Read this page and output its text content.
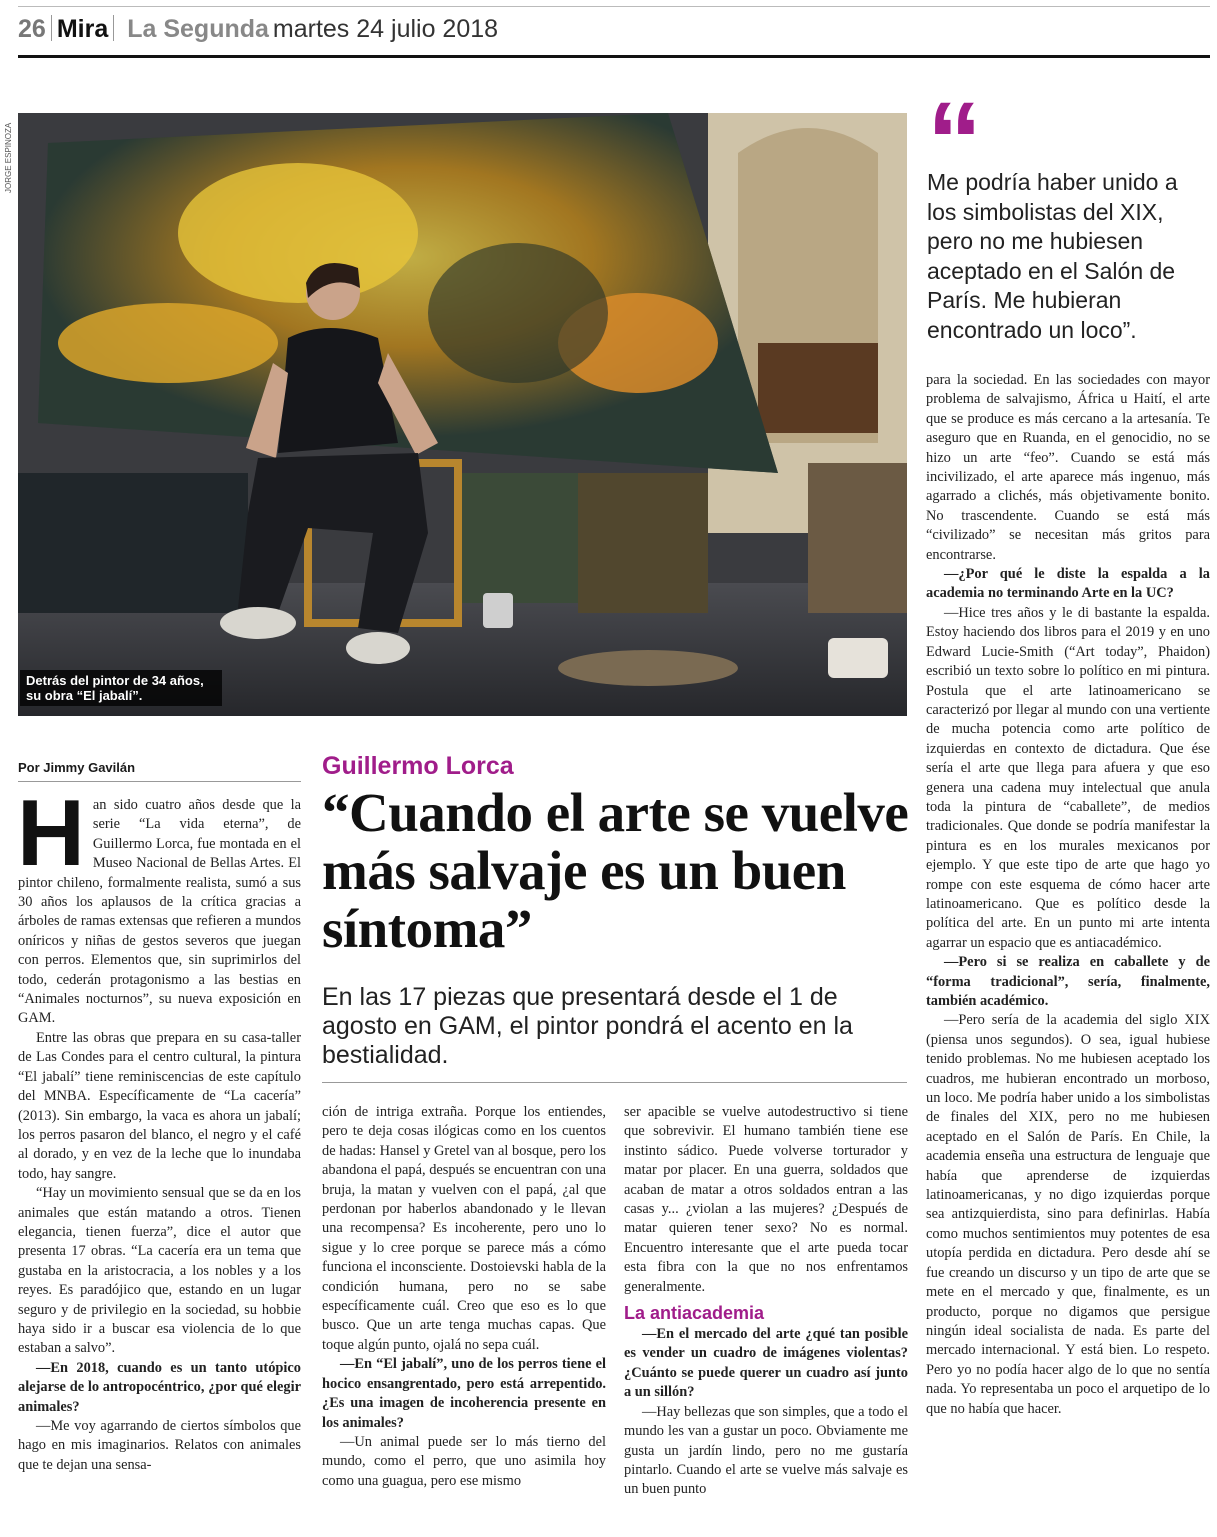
26 Mira La Segunda martes 24 julio 2018
JORGE ESPINOZA
Detrás del pintor de 34 años, su obra “El jabalí”.
“
Me podría haber unido a los simbolistas del XIX, pero no me hubiesen aceptado en el Salón de París. Me hubieran encontrado un loco”.
Por Jimmy Gavilán	Guillermo Lorca
“Cuando el arte se vuelve más salvaje es un buen síntoma”
En las 17 piezas que presentará desde el 1 de agosto en GAM, el pintor pondrá el acento en la bestialidad.

Han sido cuatro años desde que la serie “La vida eterna”, de Guillermo Lorca, fue montada en el Museo Nacional de Bellas Artes. El pintor chileno, formalmente realista, sumó a sus 30 años los aplausos de la crítica gracias a árboles de ramas extensas que refieren a mundos oníricos y niñas de gestos severos que juegan con perros. Elementos que, sin suprimirlos del todo, cederán protagonismo a las bestias en “Animales nocturnos”, su nueva exposición en GAM.

Entre las obras que prepara en su casa-taller de Las Condes para el centro cultural, la pintura “El jabalí” tiene reminiscencias de este capítulo del MNBA. Específicamente de “La cacería” (2013). Sin embargo, la vaca es ahora un jabalí; los perros pasaron del blanco, el negro y el café al dorado, y en vez de la leche que lo inundaba todo, hay sangre.

“Hay un movimiento sensual que se da en los animales que están matando a otros. Tienen elegancia, tienen fuerza”, dice el autor que presenta 17 obras. “La cacería era un tema que gustaba en la aristocracia, a los nobles y a los reyes. Es paradójico que, estando en un lugar seguro y de privilegio en la sociedad, su hobbie haya sido ir a buscar esa violencia de lo que estaban a salvo”.

—En 2018, cuando es un tanto utópico alejarse de lo antropocéntrico, ¿por qué elegir animales?

—Me voy agarrando de ciertos símbolos que hago en mis imaginarios. Relatos con animales que te dejan una sensa-

ción de intriga extraña. Porque los entiendes, pero te deja cosas ilógicas como en los cuentos de hadas: Hansel y Gretel van al bosque, pero los abandona el papá, después se encuentran con una bruja, la matan y vuelven con el papá, ¿al que perdonan por haberlos abandonado y le llevan una recompensa? Es incoherente, pero uno lo sigue y lo cree porque se parece más a cómo funciona el inconsciente. Dostoievski habla de la condición humana, pero no se sabe específicamente cuál. Creo que eso es lo que busco. Que un arte tenga muchas capas. Que toque algún punto, ojalá no sepa cuál.

—En “El jabalí”, uno de los perros tiene el hocico ensangrentado, pero está arrepentido. ¿Es una imagen de incoherencia presente en los animales?

—Un animal puede ser lo más tierno del mundo, como el perro, que uno asimila hoy como una guagua, pero ese mismo

ser apacible se vuelve autodestructivo si tiene que sobrevivir. El humano también tiene ese instinto sádico. Puede volverse torturador y matar por placer. En una guerra, soldados que acaban de matar a otros soldados entran a las casas y... ¿violan a las mujeres? ¿Después de matar quieren tener sexo? No es normal. Encuentro interesante que el arte pueda tocar esta fibra con la que no nos enfrentamos generalmente.

La antiacademia

—En el mercado del arte ¿qué tan posible es vender un cuadro de imágenes violentas? ¿Cuánto se puede querer un cuadro así junto a un sillón?

—Hay bellezas que son simples, que a todo el mundo les van a gustar un poco. Obviamente me gusta un jardín lindo, pero no me gustaría pintarlo. Cuando el arte se vuelve más salvaje es un buen punto

para la sociedad. En las sociedades con mayor problema de salvajismo, África u Haití, el arte que se produce es más cercano a la artesanía. Te aseguro que en Ruanda, en el genocidio, no se hizo un arte “feo”. Cuando se está más incivilizado, el arte aparece más ingenuo, más agarrado a clichés, más objetivamente bonito. No trascendente. Cuando se está más “civilizado” se necesitan más gritos para encontrarse.

—¿Por qué le diste la espalda a la academia no terminando Arte en la UC?

—Hice tres años y le di bastante la espalda. Estoy haciendo dos libros para el 2019 y en uno Edward Lucie-Smith (“Art today”, Phaidon) escribió un texto sobre lo político en mi pintura. Postula que el arte latinoamericano se caracterizó por llegar al mundo con una vertiente de mucha potencia como arte político de izquierdas en contexto de dictadura. Que ése sería el arte que llega para afuera y que eso genera una cadena muy intelectual que anula toda la pintura de “caballete”, de medios tradicionales. Que donde se podría manifestar la pintura es en los murales mexicanos por ejemplo. Y que este tipo de arte que hago yo rompe con este esquema de cómo hacer arte latinoamericano. Que es político desde la política del arte. En un punto mi arte intenta agarrar un espacio que es antiacadémico.

—Pero si se realiza en caballete y de “forma tradicional”, sería, finalmente, también académico.

—Pero sería de la academia del siglo XIX (piensa unos segundos). O sea, igual hubiese tenido problemas. No me hubiesen aceptado los cuadros, me hubieran encontrado un morboso, un loco. Me podría haber unido a los simbolistas de finales del XIX, pero no me hubiesen aceptado en el Salón de París. En Chile, la academia enseña una estructura de lenguaje que había que aprenderse de izquierdas latinoamericanas, y no digo izquierdas porque sea antizquierdista, sino para definirlas. Había como muchos sentimientos muy potentes de esa utopía perdida en dictadura. Pero desde ahí se fue creando un discurso y un tipo de arte que se mete en el mercado y que, finalmente, es un producto, porque no digamos que persigue ningún ideal socialista de nada. Es parte del mercado internacional. Y está bien. Lo respeto. Pero yo no podía hacer algo de lo que no sentía nada. Yo representaba un poco el arquetipo de lo que no había que hacer.
